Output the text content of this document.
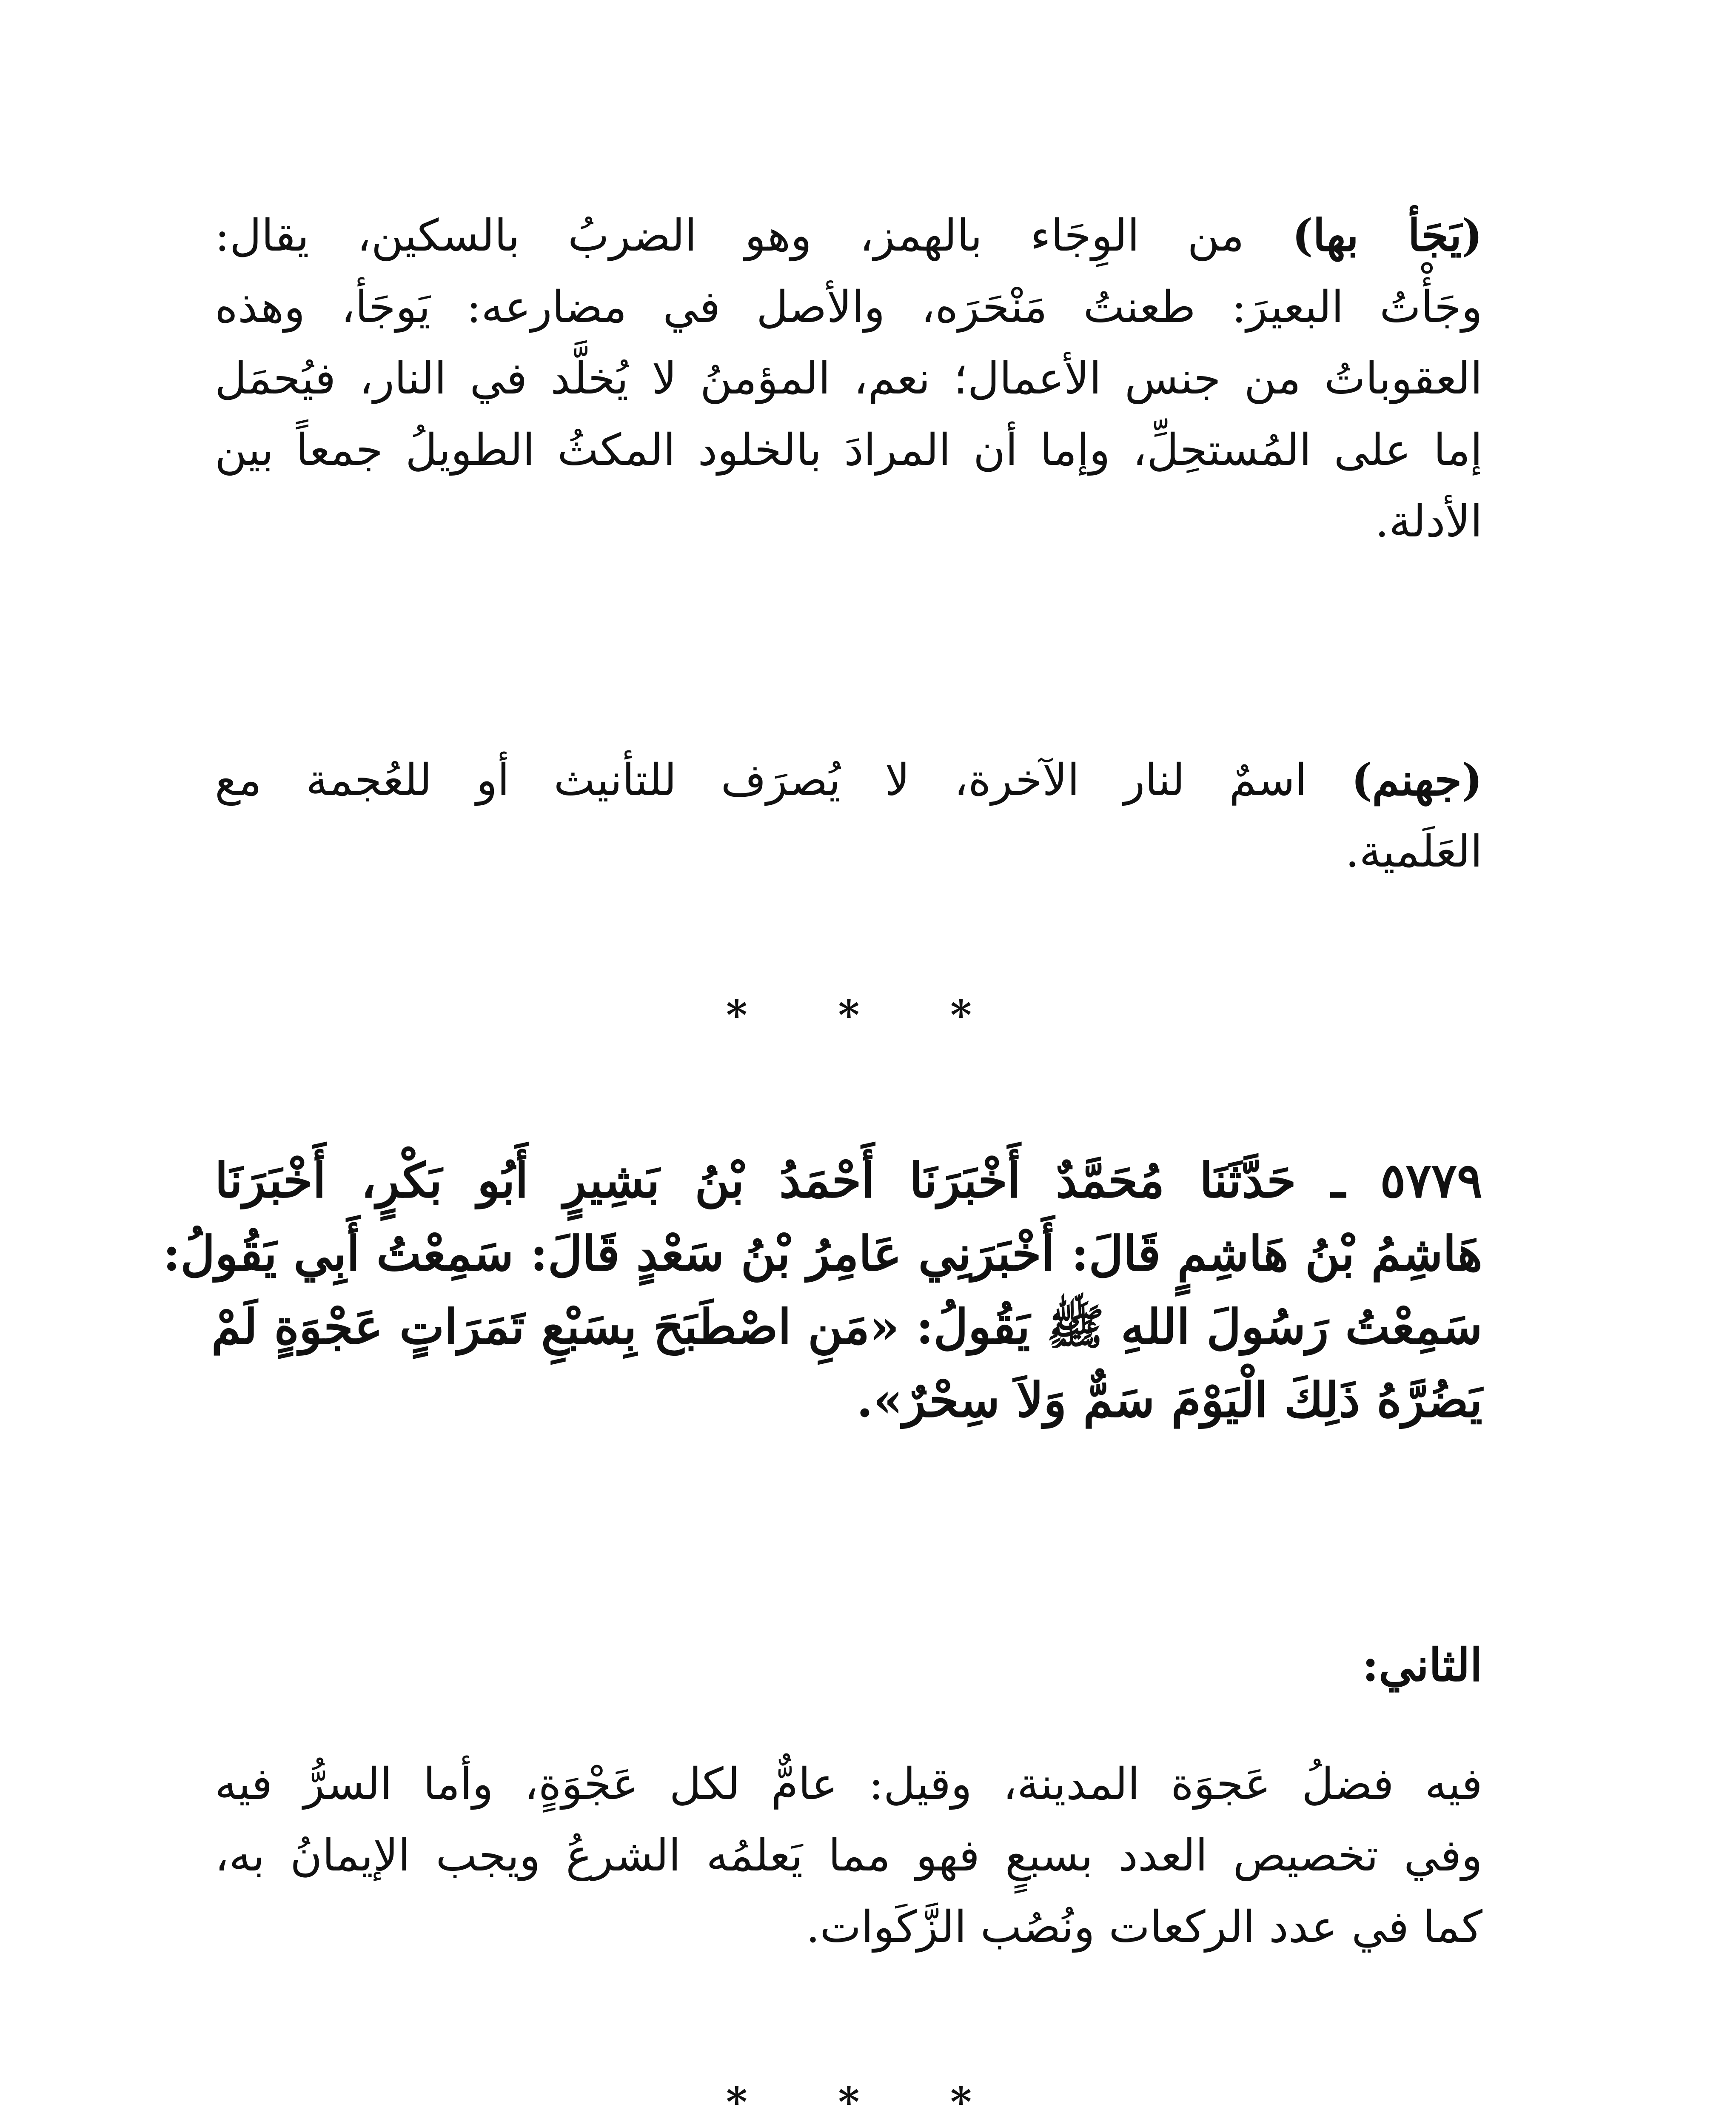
(يَجَأ بها) من الوِجَاء بالهمز، وهو الضربُ بالسكين، يقال:
وجَأْتُ البعيرَ: طعنتُ مَنْحَرَه، والأصل في مضارعه: يَوجَأ، وهذه
العقوباتُ من جنس الأعمال؛ نعم، المؤمنُ لا يُخلَّد في النار، فيُحمَل
إما على المُستحِلِّ، وإما أن المرادَ بالخلود المكثُ الطويلُ جمعاً بين
الأدلة.
(جهنم) اسمٌ لنار الآخرة، لا يُصرَف للتأنيث أو للعُجمة مع
العَلَمية.
* * *
٥٧٧٩ ـ حَدَّثَنَا مُحَمَّدٌ أَخْبَرَنَا أَحْمَدُ بْنُ بَشِيرٍ أَبُو بَكْرٍ، أَخْبَرَنَا
هَاشِمُ بْنُ هَاشِمٍ قَالَ: أَخْبَرَنِي عَامِرُ بْنُ سَعْدٍ قَالَ: سَمِعْتُ أَبِي يَقُولُ:
سَمِعْتُ رَسُولَ اللهِ ﷺ يَقُولُ: «مَنِ اصْطَبَحَ بِسَبْعِ تَمَرَاتٍ عَجْوَةٍ لَمْ
يَضُرَّهُ ذَلِكَ الْيَوْمَ سَمٌّ وَلاَ سِحْرٌ».
الثاني:
فيه فضلُ عَجوَة المدينة، وقيل: عامٌّ لكل عَجْوَةٍ، وأما السرُّ فيه
وفي تخصيص العدد بسبعٍ فهو مما يَعلمُه الشرعُ ويجب الإيمانُ به،
كما في عدد الركعات ونُصُب الزَّكَوات.
* * *
